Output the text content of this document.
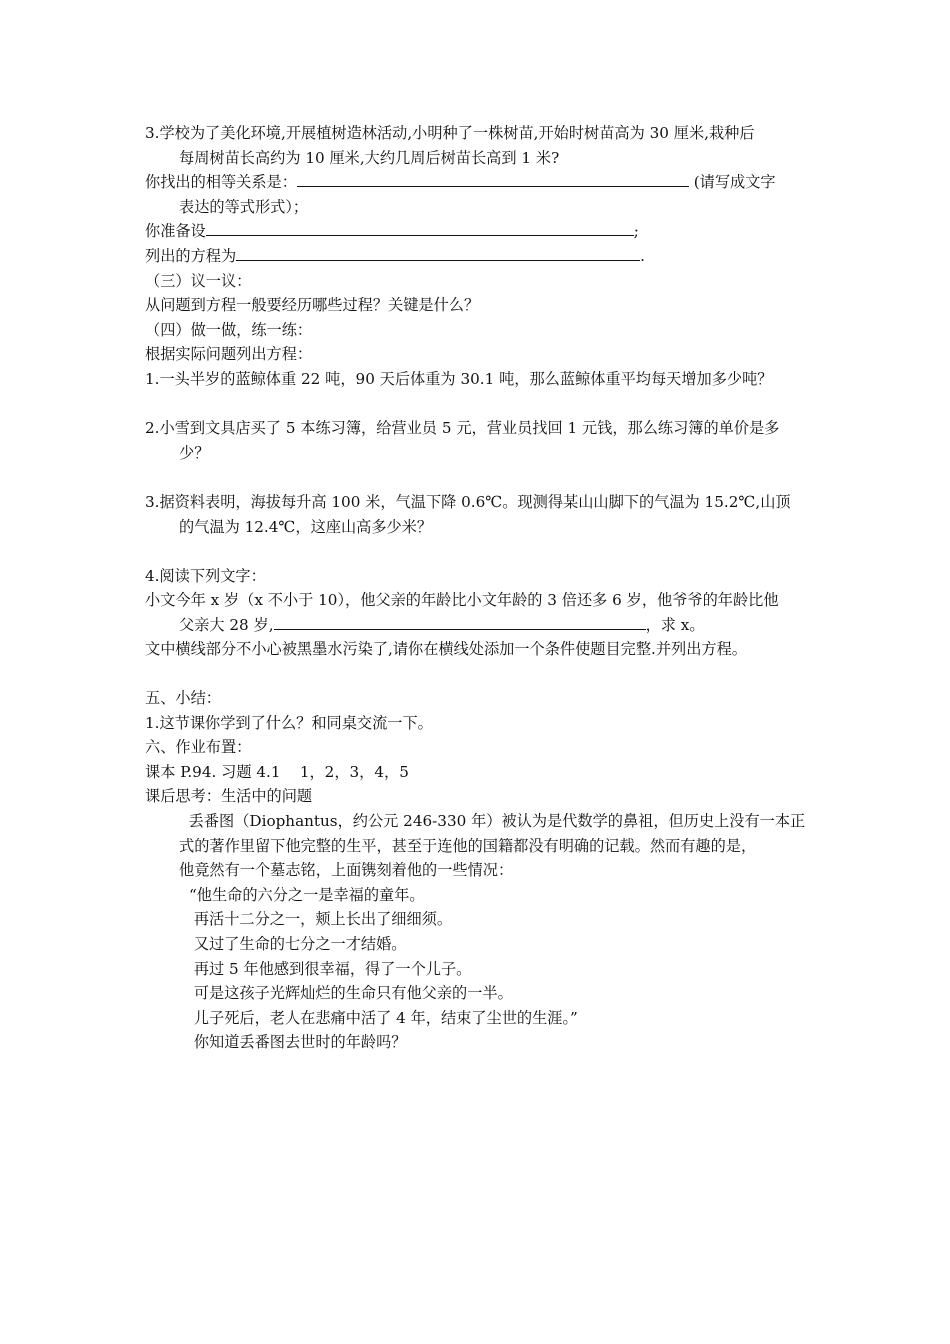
3.学校为了美化环境,开展植树造林活动,小明种了一株树苗,开始时树苗高为 30 厘米,栽种后
每周树苗长高约为 10 厘米,大约几周后树苗长高到 1 米?
你找出的相等关系是：	(请写成文字
表达的等式形式）；
你准备设	;
列出的方程为	.
（三）议一议：
从问题到方程一般要经历哪些过程？关键是什么？
（四）做一做，练一练：
根据实际问题列出方程：
1.一头半岁的蓝鲸体重 22 吨，90 天后体重为 30.1 吨，那么蓝鲸体重平均每天增加多少吨？
2.小雪到文具店买了 5 本练习簿，给营业员 5 元，营业员找回 1 元钱，那么练习簿的单价是多
少？
3.据资料表明，海拔每升高 100 米，气温下降 0.6℃。现测得某山山脚下的气温为 15.2℃,山顶
的气温为 12.4℃，这座山高多少米？
4.阅读下列文字：
小文今年 x 岁（x 不小于 10），他父亲的年龄比小文年龄的 3 倍还多 6 岁，他爷爷的年龄比他
父亲大 28 岁,	，求 x。
文中横线部分不小心被黑墨水污染了,请你在横线处添加一个条件使题目完整.并列出方程。
五、小结：
1.这节课你学到了什么？和同桌交流一下。
六、作业布置：
课本 P.94. 习题 4.1    1，2，3，4，5
课后思考：生活中的问题
丢番图（Diophantus，约公元 246-330 年）被认为是代数学的鼻祖，但历史上没有一本正
式的著作里留下他完整的生平，甚至于连他的国籍都没有明确的记载。然而有趣的是，
他竟然有一个墓志铭，上面镌刻着他的一些情况：
“他生命的六分之一是幸福的童年。
再活十二分之一，颊上长出了细细须。
又过了生命的七分之一才结婚。
再过 5 年他感到很幸福，得了一个儿子。
可是这孩子光辉灿烂的生命只有他父亲的一半。
儿子死后，老人在悲痛中活了 4 年，结束了尘世的生涯。”
你知道丢番图去世时的年龄吗？
